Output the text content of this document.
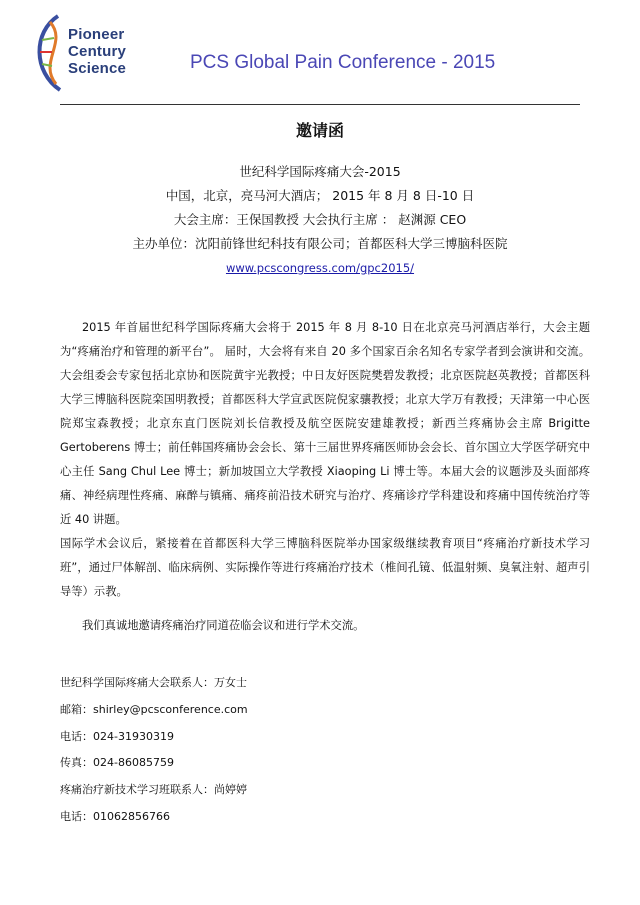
Pioneer
Century
Science	PCS Global Pain Conference - 2015
邀请函
世纪科学国际疼痛大会-2015
中国，北京，亮马河大酒店； 2015 年 8 月 8 日-10 日
大会主席：王保国教授 大会执行主席 ： 赵渊源 CEO
主办单位：沈阳前锋世纪科技有限公司；首都医科大学三博脑科医院
www.pcscongress.com/gpc2015/

2015 年首届世纪科学国际疼痛大会将于 2015 年 8 月 8-10 日在北京亮马河酒店举行，大会主题为“疼痛治疗和管理的新平台”。 届时，大会将有来自 20 多个国家百余名知名专家学者到会演讲和交流。大会组委会专家包括北京协和医院黄宇光教授；中日友好医院樊碧发教授；北京医院赵英教授；首都医科大学三博脑科医院栾国明教授；首都医科大学宣武医院倪家骧教授；北京大学万有教授；天津第一中心医院郑宝森教授；北京东直门医院刘长信教授及航空医院安建雄教授；新西兰疼痛协会主席 Brigitte Gertoberens 博士；前任韩国疼痛协会会长、第十三届世界疼痛医师协会会长、首尔国立大学医学研究中心主任 Sang Chul Lee 博士；新加坡国立大学教授 Xiaoping Li 博士等。本届大会的议题涉及头面部疼痛、神经病理性疼痛、麻醉与镇痛、痛疼前沿技术研究与治疗、疼痛诊疗学科建设和疼痛中国传统治疗等近 40 讲题。

国际学术会议后，紧接着在首都医科大学三博脑科医院举办国家级继续教育项目“疼痛治疗新技术学习班”，通过尸体解剖、临床病例、实际操作等进行疼痛治疗技术（椎间孔镜、低温射频、臭氧注射、超声引导等）示教。

我们真诚地邀请疼痛治疗同道莅临会议和进行学术交流。
世纪科学国际疼痛大会联系人：万女士
邮箱：shirley@pcsconference.com
电话：024-31930319
传真：024-86085759
疼痛治疗新技术学习班联系人：尚婷婷
电话：01062856766
